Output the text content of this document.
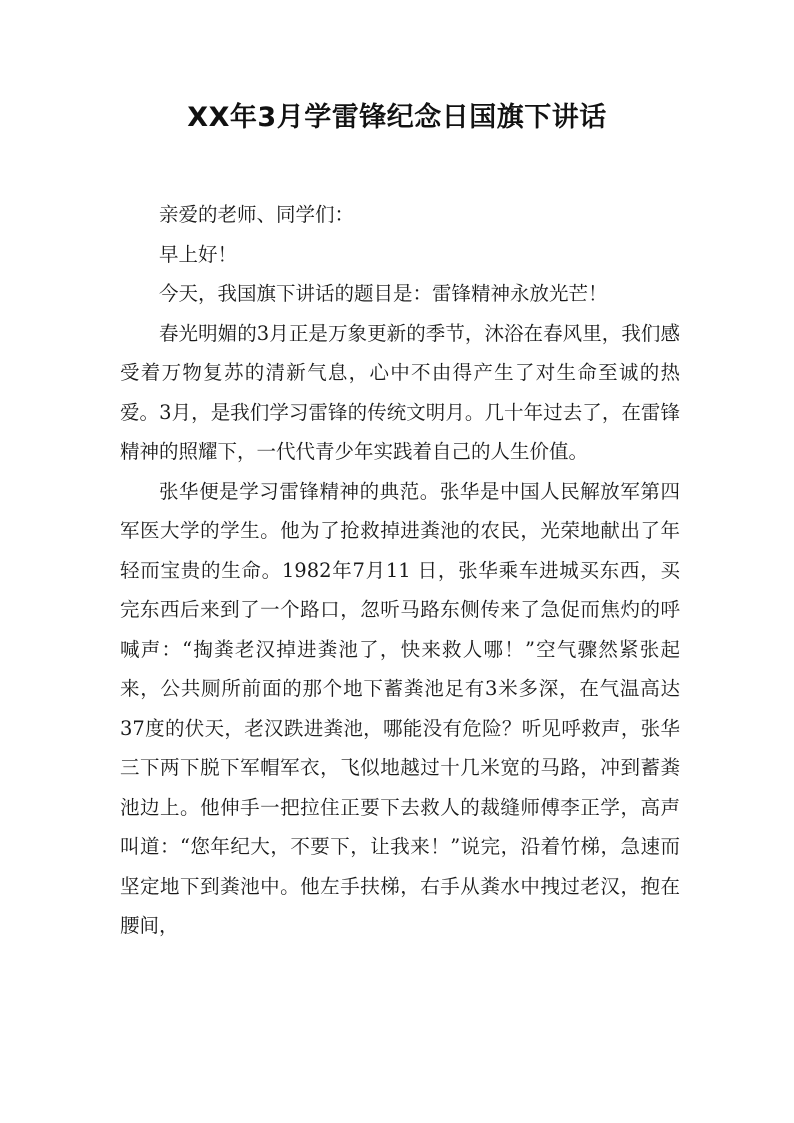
XX年3月学雷锋纪念日国旗下讲话

亲爱的老师、同学们：

早上好！

今天，我国旗下讲话的题目是：雷锋精神永放光芒！

春光明媚的3月正是万象更新的季节，沐浴在春风里，我们感受着万物复苏的清新气息，心中不由得产生了对生命至诚的热爱。3月，是我们学习雷锋的传统文明月。几十年过去了，在雷锋精神的照耀下，一代代青少年实践着自己的人生价值。

张华便是学习雷锋精神的典范。张华是中国人民解放军第四军医大学的学生。他为了抢救掉进粪池的农民，光荣地献出了年轻而宝贵的生命。1982年7月11 日，张华乘车进城买东西，买完东西后来到了一个路口，忽听马路东侧传来了急促而焦灼的呼喊声：“掏粪老汉掉进粪池了，快来救人哪！”空气骤然紧张起来，公共厕所前面的那个地下蓄粪池足有3米多深，在气温高达37度的伏天，老汉跌进粪池，哪能没有危险？听见呼救声，张华三下两下脱下军帽军衣，飞似地越过十几米宽的马路，冲到蓄粪池边上。他伸手一把拉住正要下去救人的裁缝师傅李正学，高声叫道：“您年纪大，不要下，让我来！”说完，沿着竹梯，急速而坚定地下到粪池中。他左手扶梯，右手从粪水中拽过老汉，抱在腰间，
